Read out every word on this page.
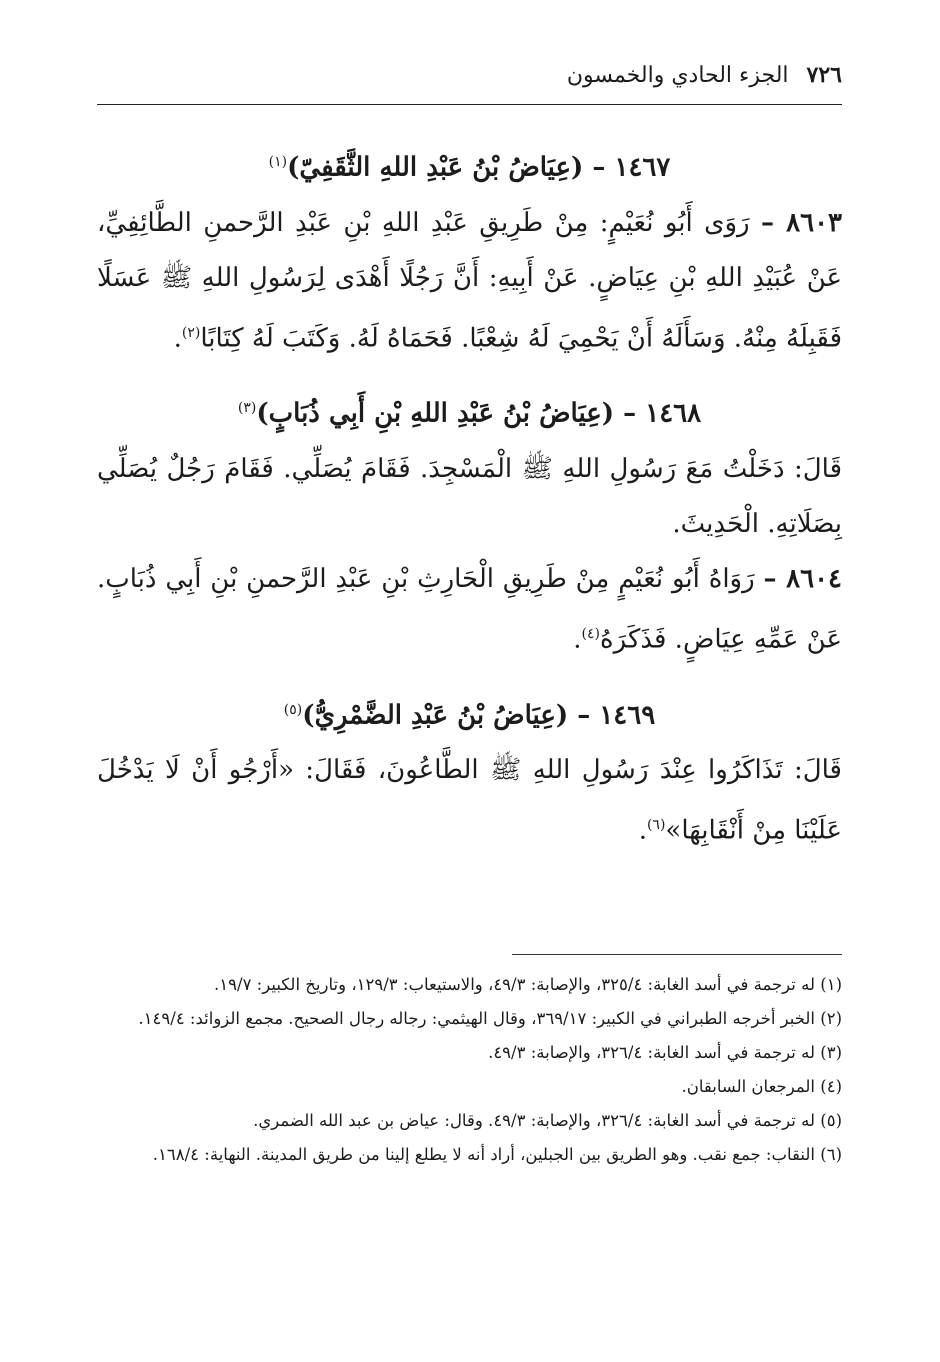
٧٢٦
الجزء الحادي والخمسون
١٤٦٧ – (عِيَاضُ بْنُ عَبْدِ اللهِ الثَّقَفِيّ)$^{(١)}$
٨٦٠٣ – رَوَى أَبُو نُعَيْمٍ: مِنْ طَرِيقِ عَبْدِ اللهِ بْنِ عَبْدِ الرَّحمنِ الطَّائِفِيِّ، عَنْ عُبَيْدِ اللهِ بْنِ عِيَاضٍ. عَنْ أَبِيهِ: أَنَّ رَجُلًا أَهْدَى لِرَسُولِ اللهِ ﷺ عَسَلًا فَقَبِلَهُ مِنْهُ. وَسَأَلَهُ أَنْ يَحْمِيَ لَهُ شِعْبًا. فَحَمَاهُ لَهُ. وَكَتَبَ لَهُ كِتَابًا$^{(٢)}$.
١٤٦٨ – (عِيَاضُ بْنُ عَبْدِ اللهِ بْنِ أَبِي ذُبَابٍ)$^{(٣)}$
قَالَ: دَخَلْتُ مَعَ رَسُولِ اللهِ ﷺ الْمَسْجِدَ. فَقَامَ يُصَلِّي. فَقَامَ رَجُلٌ يُصَلِّي بِصَلَاتِهِ. الْحَدِيثَ.
٨٦٠٤ – رَوَاهُ أَبُو نُعَيْمٍ مِنْ طَرِيقِ الْحَارِثِ بْنِ عَبْدِ الرَّحمنِ بْنِ أَبِي ذُبَابٍ. عَنْ عَمِّهِ عِيَاضٍ. فَذَكَرَهُ$^{(٤)}$.
١٤٦٩ – (عِيَاضُ بْنُ عَبْدِ الضَّمْرِيُّ)$^{(٥)}$
قَالَ: تَذَاكَرُوا عِنْدَ رَسُولِ اللهِ ﷺ الطَّاعُونَ، فَقَالَ: «أَرْجُو أَنْ لَا يَدْخُلَ عَلَيْنَا مِنْ أَنْقَابِهَا»$^{(٦)}$.

(١) له ترجمة في أسد الغابة: ٣٢٥/٤، والإصابة: ٤٩/٣، والاستيعاب: ١٢٩/٣، وتاريخ الكبير: ١٩/٧.

(٢) الخبر أخرجه الطبراني في الكبير: ٣٦٩/١٧، وقال الهيثمي: رجاله رجال الصحيح. مجمع الزوائد: ١٤٩/٤.

(٣) له ترجمة في أسد الغابة: ٣٢٦/٤، والإصابة: ٤٩/٣.

(٤) المرجعان السابقان.

(٥) له ترجمة في أسد الغابة: ٣٢٦/٤، والإصابة: ٤٩/٣. وقال: عياض بن عبد الله الضمري.

(٦) النقاب: جمع نقب. وهو الطريق بين الجبلين، أراد أنه لا يطلع إلينا من طريق المدينة. النهاية: ١٦٨/٤.
